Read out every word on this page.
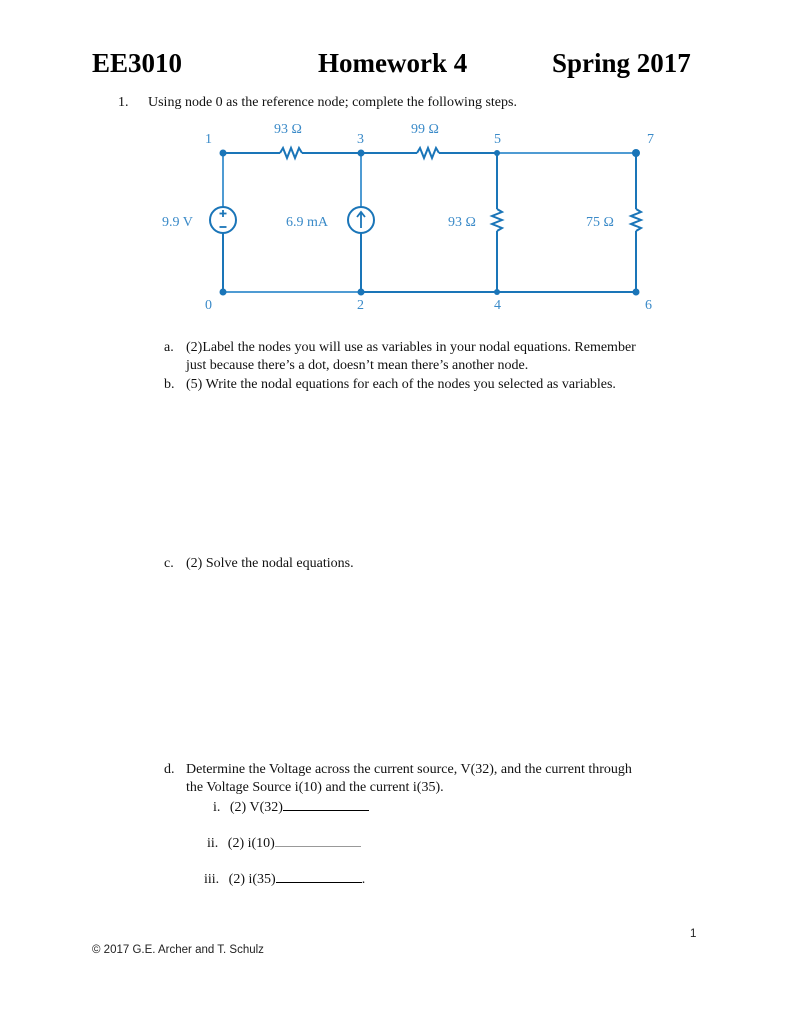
EE3010	Homework 4	Spring 2017
1. Using node 0 as the reference node; complete the following steps.
1	3	5	7
0	2	4	6
93 Ω	99 Ω
93 Ω	75 Ω
9.9 V	6.9 mA
a. (2)Label the nodes you will use as variables in your nodal equations. Remember
just because there’s a dot, doesn’t mean there’s another node.
b. (5) Write the nodal equations for each of the nodes you selected as variables.
c. (2) Solve the nodal equations.
d. Determine the Voltage across the current source, V(32), and the current through
the Voltage Source i(10) and the current i(35).
i. (2) V(32)
ii. (2) i(10)
iii. (2) i(35)	.
1
© 2017 G.E. Archer and T. Schulz
